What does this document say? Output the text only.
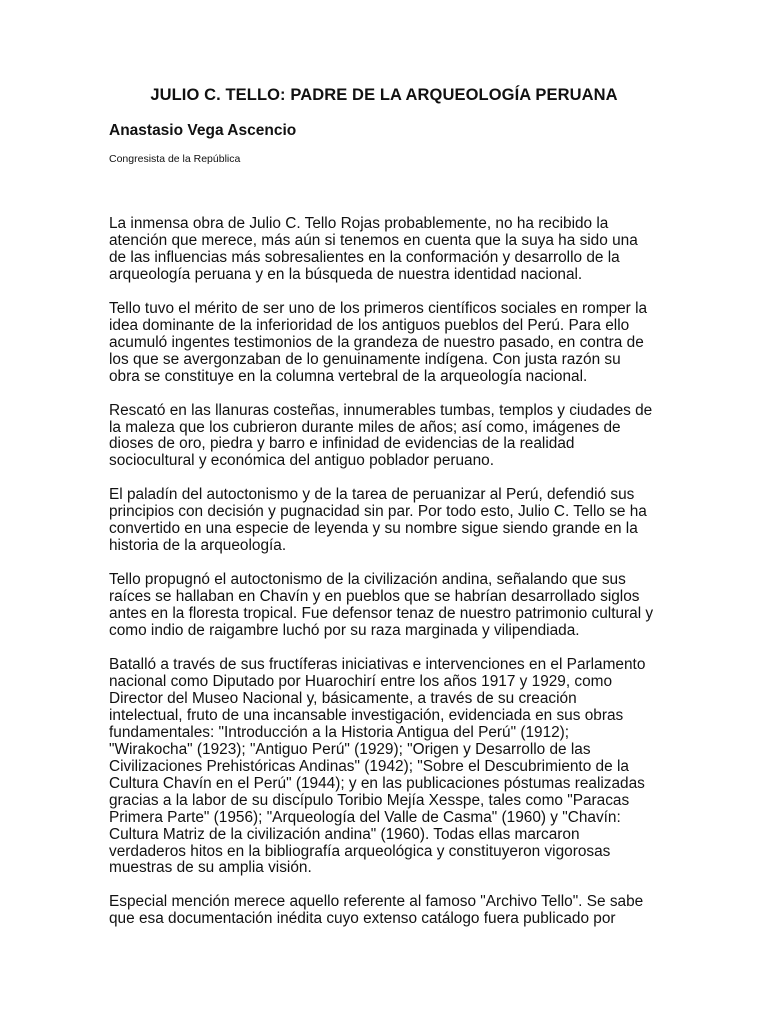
JULIO C. TELLO: PADRE DE LA ARQUEOLOGÍA PERUANA
Anastasio Vega Ascencio
Congresista de la República

La inmensa obra de Julio C. Tello Rojas probablemente, no ha recibido la
atención que merece, más aún si tenemos en cuenta que la suya ha sido una
de las influencias más sobresalientes en la conformación y desarrollo de la
arqueología peruana y en la búsqueda de nuestra identidad nacional.

Tello tuvo el mérito de ser uno de los primeros científicos sociales en romper la
idea dominante de la inferioridad de los antiguos pueblos del Perú. Para ello
acumuló ingentes testimonios de la grandeza de nuestro pasado, en contra de
los que se avergonzaban de lo genuinamente indígena. Con justa razón su
obra se constituye en la columna vertebral de la arqueología nacional.

Rescató en las llanuras costeñas, innumerables tumbas, templos y ciudades de
la maleza que los cubrieron durante miles de años; así como, imágenes de
dioses de oro, piedra y barro e infinidad de evidencias de la realidad
sociocultural y económica del antiguo poblador peruano.

El paladín del autoctonismo y de la tarea de peruanizar al Perú, defendió sus
principios con decisión y pugnacidad sin par. Por todo esto, Julio C. Tello se ha
convertido en una especie de leyenda y su nombre sigue siendo grande en la
historia de la arqueología.

Tello propugnó el autoctonismo de la civilización andina, señalando que sus
raíces se hallaban en Chavín y en pueblos que se habrían desarrollado siglos
antes en la floresta tropical. Fue defensor tenaz de nuestro patrimonio cultural y
como indio de raigambre luchó por su raza marginada y vilipendiada.

Batalló a través de sus fructíferas iniciativas e intervenciones en el Parlamento
nacional como Diputado por Huarochirí entre los años 1917 y 1929, como
Director del Museo Nacional y, básicamente, a través de su creación
intelectual, fruto de una incansable investigación, evidenciada en sus obras
fundamentales: "Introducción a la Historia Antigua del Perú" (1912);
"Wirakocha" (1923); "Antiguo Perú" (1929); "Origen y Desarrollo de las
Civilizaciones Prehistóricas Andinas" (1942); "Sobre el Descubrimiento de la
Cultura Chavín en el Perú" (1944); y en las publicaciones póstumas realizadas
gracias a la labor de su discípulo Toribio Mejía Xesspe, tales como "Paracas
Primera Parte" (1956); "Arqueología del Valle de Casma" (1960) y "Chavín:
Cultura Matriz de la civilización andina" (1960). Todas ellas marcaron
verdaderos hitos en la bibliografía arqueológica y constituyeron vigorosas
muestras de su amplia visión.

Especial mención merece aquello referente al famoso "Archivo Tello". Se sabe
que esa documentación inédita cuyo extenso catálogo fuera publicado por
